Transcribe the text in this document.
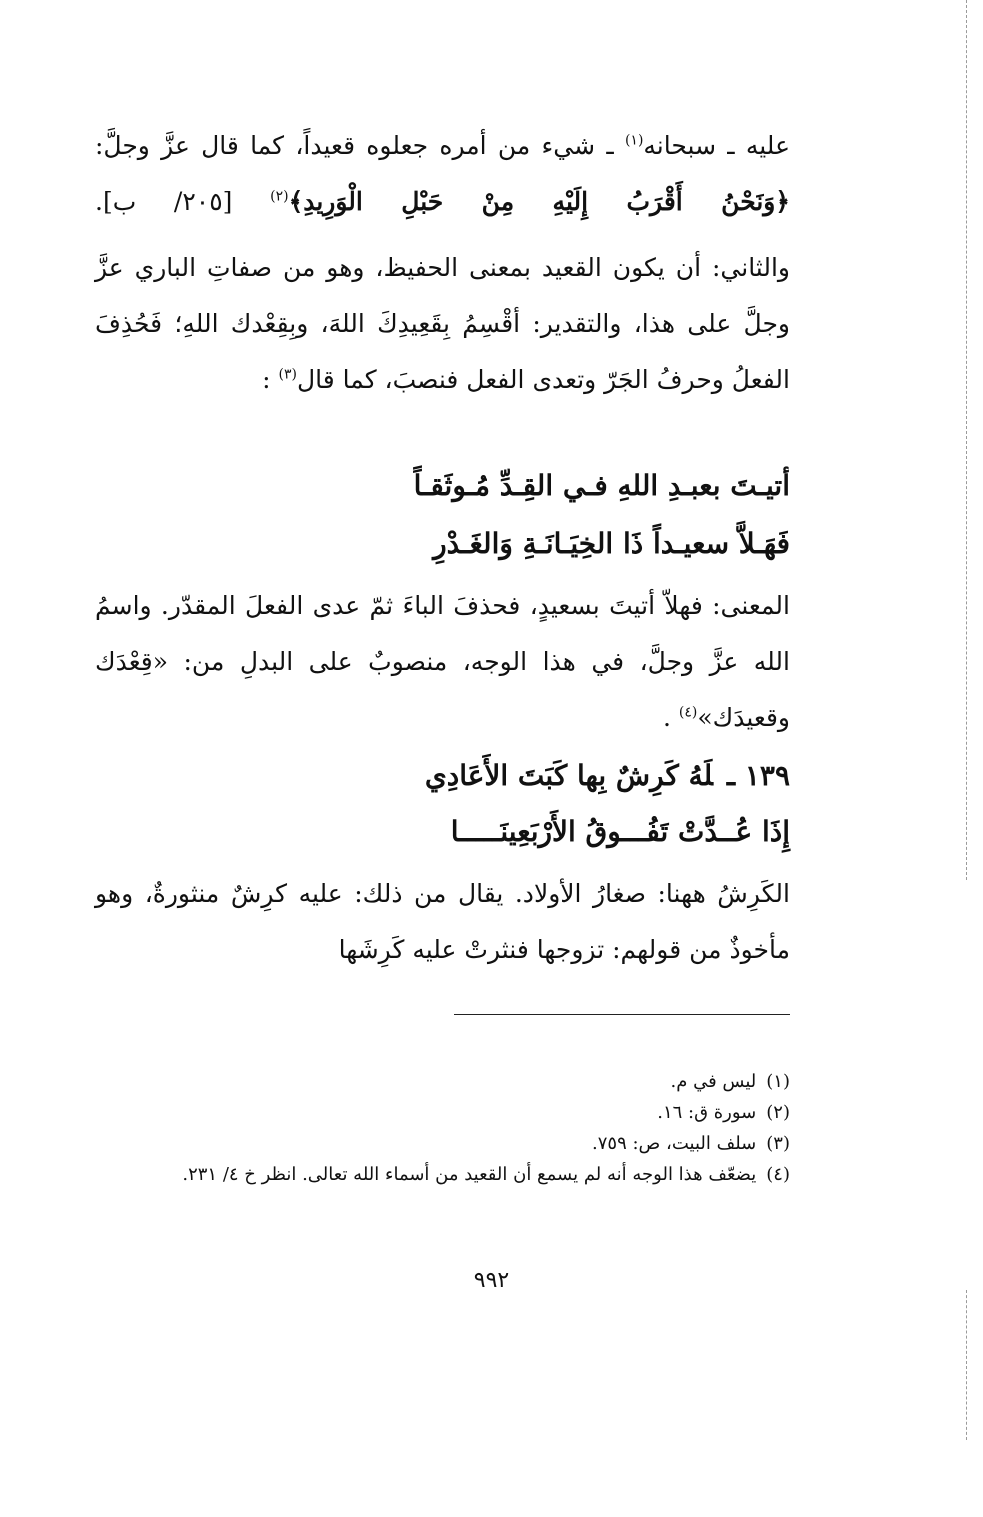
عليه ـ سبحانه$^{(١)}$ ـ شيء من أمره جعلوه قعيداً، كما قال عزَّ وجلَّ: ﴿وَنَحْنُ أَقْرَبُ إِلَيْهِ مِنْ حَبْلِ الْوَرِيدِ﴾$^{(٢)}$ [٢٠٥/ ب].

والثاني: أن يكون القعيد بمعنى الحفيظ، وهو من صفاتِ الباري عزَّ وجلَّ على هذا، والتقدير: أقْسِمُ بِقَعِيدِكَ اللهَ، وبِقِعْدك اللهِ؛ فَحُذِفَ الفعلُ وحرفُ الجَرّ وتعدى الفعل فنصبَ، كما قال$^{(٣)}$ :

أتيـتَ بعبـدِ اللهِ فـي القِـدِّ مُـوثَقـاً
فَهَـلاَّ سعيـداً ذَا الخِيَـانَـةِ وَالغَـدْرِ

المعنى: فهلاّ أتيتَ بسعيدٍ، فحذفَ الباءَ ثمّ عدى الفعلَ المقدّر. واسمُ الله عزَّ وجلَّ، في هذا الوجه، منصوبٌ على البدلِ من: «قِعْدَك وقعيدَك»$^{(٤)}$ .

١٣٩ ـلَهُ كَرِشٌ بِها كَبَتَ الأَعَادِي
إِذَا عُــدَّتْ تَفُـــوقُ الأَرْبَعِينَـــــا

الكَرِشُ ههنا: صغارُ الأولاد. يقال من ذلك: عليه كرِشٌ منثورةٌ، وهو مأخوذٌ من قولهم: تزوجها فنثرتْ عليه كَرِشَها

(١)ليس في م.
(٢)سورة ق: ١٦.
(٣)سلف البيت، ص: ٧٥٩.
(٤)يضعّف هذا الوجه أنه لم يسمع أن القعيد من أسماء الله تعالى. انظر خ ٤/ ٢٣١.
٩٩٢
